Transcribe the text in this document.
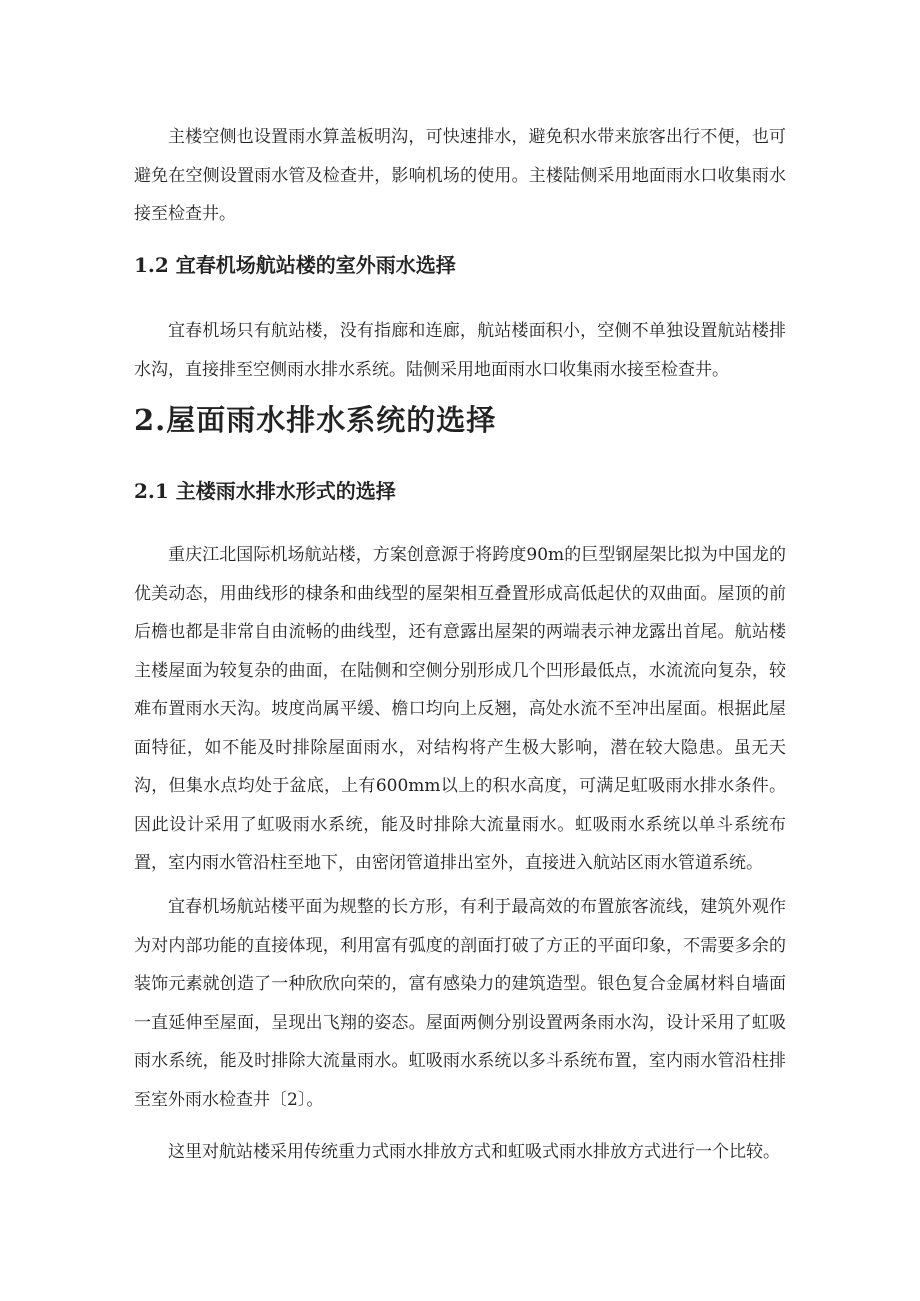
主楼空侧也设置雨水算盖板明沟，可快速排水，避免积水带来旅客出行不便，也可避免在空侧设置雨水管及检查井，影响机场的使用。主楼陆侧采用地面雨水口收集雨水接至检查井。

1.2 宜春机场航站楼的室外雨水选择

宜春机场只有航站楼，没有指廊和连廊，航站楼面积小，空侧不单独设置航站楼排水沟，直接排至空侧雨水排水系统。陆侧采用地面雨水口收集雨水接至检查井。

2.屋面雨水排水系统的选择
2.1 主楼雨水排水形式的选择

重庆江北国际机场航站楼，方案创意源于将跨度90m的巨型钢屋架比拟为中国龙的优美动态，用曲线形的棣条和曲线型的屋架相互叠置形成高低起伏的双曲面。屋顶的前后檐也都是非常自由流畅的曲线型，还有意露出屋架的两端表示神龙露出首尾。航站楼主楼屋面为较复杂的曲面，在陆侧和空侧分别形成几个凹形最低点，水流流向复杂，较难布置雨水天沟。坡度尚属平缓、檐口均向上反翘，高处水流不至冲出屋面。根据此屋面特征，如不能及时排除屋面雨水，对结构将产生极大影响，潜在较大隐患。虽无天沟，但集水点均处于盆底，上有600mm以上的积水高度，可满足虹吸雨水排水条件。因此设计采用了虹吸雨水系统，能及时排除大流量雨水。虹吸雨水系统以单斗系统布置，室内雨水管沿柱至地下，由密闭管道排出室外，直接进入航站区雨水管道系统。

宜春机场航站楼平面为规整的长方形，有利于最高效的布置旅客流线，建筑外观作为对内部功能的直接体现，利用富有弧度的剖面打破了方正的平面印象，不需要多余的装饰元素就创造了一种欣欣向荣的，富有感染力的建筑造型。银色复合金属材料自墙面一直延伸至屋面，呈现出飞翔的姿态。屋面两侧分别设置两条雨水沟，设计采用了虹吸雨水系统，能及时排除大流量雨水。虹吸雨水系统以多斗系统布置，室内雨水管沿柱排至室外雨水检查井〔2〕。

这里对航站楼采用传统重力式雨水排放方式和虹吸式雨水排放方式进行一个比较。
